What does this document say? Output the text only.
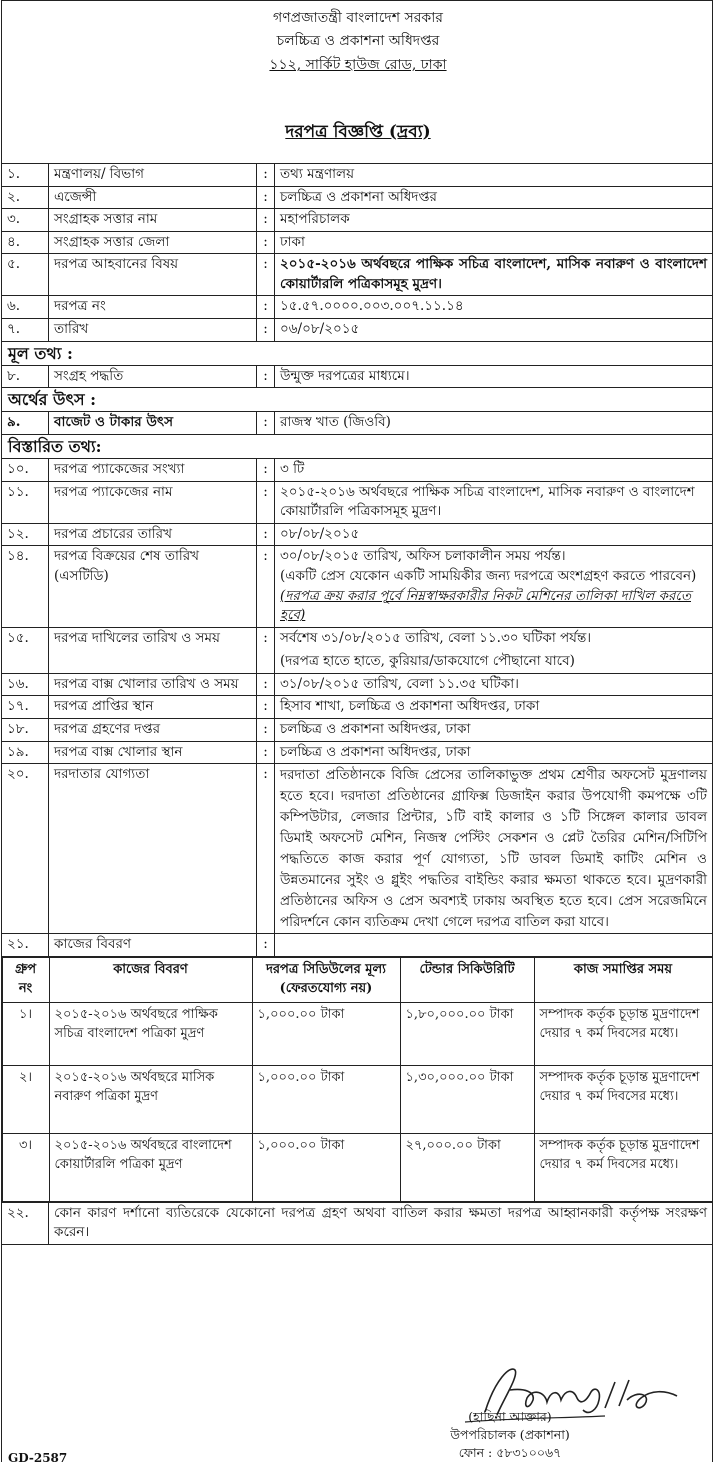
গণপ্রজাতন্ত্রী বাংলাদেশ সরকার
চলচ্চিত্র ও প্রকাশনা অধিদপ্তর
১১২, সার্কিট হাউজ রোড, ঢাকা
দরপত্র বিজ্ঞপ্তি (দ্রব্য)
১.	মন্ত্রণালয়/ বিভাগ	:	তথ্য মন্ত্রণালয়
২.	এজেন্সী	:	চলচ্চিত্র ও প্রকাশনা অধিদপ্তর
৩.	সংগ্রাহক সত্তার নাম	:	মহাপরিচালক
৪.	সংগ্রাহক সত্তার জেলা	:	ঢাকা
৫.	দরপত্র আহবানের বিষয়	:	২০১৫-২০১৬ অর্থবছরে পাক্ষিক সচিত্র বাংলাদেশ, মাসিক নবারুণ ও বাংলাদেশ কোয়ার্টারলি পত্রিকাসমূহ মুদ্রণ।
৬.	দরপত্র নং	:	১৫.৫৭.০০০০.০০৩.০০৭.১১.১৪
৭.	তারিখ	:	০৬/০৮/২০১৫
মূল তথ্য :
৮.	সংগ্রহ পদ্ধতি	:	উন্মুক্ত দরপত্রের মাধ্যমে।
অর্থের উৎস :
৯.	বাজেট ও টাকার উৎস	:	রাজস্ব খাত (জিওবি)
বিস্তারিত তথ্য:
১০.	দরপত্র প্যাকেজের সংখ্যা	:	৩ টি
১১.	দরপত্র প্যাকেজের নাম	:	২০১৫-২০১৬ অর্থবছরে পাক্ষিক সচিত্র বাংলাদেশ, মাসিক নবারুণ ও বাংলাদেশ কোয়ার্টারলি পত্রিকাসমূহ মুদ্রণ।
১২.	দরপত্র প্রচারের তারিখ	:	০৮/০৮/২০১৫
১৪.	দরপত্র বিক্রয়ের শেষ তারিখ (এসটিডি)	:	৩০/০৮/২০১৫ তারিখ, অফিস চলাকালীন সময় পর্যন্ত।
(একটি প্রেস যেকোন একটি সাময়িকীর জন্য দরপত্রে অংশগ্রহণ করতে পারবেন)
(দরপত্র ক্রয় করার পূর্বে নিম্নস্বাক্ষরকারীর নিকট মেশিনের তালিকা দাখিল করতে হবে)

১৫.	দরপত্র দাখিলের তারিখ ও সময়	:	সর্বশেষ ৩১/০৮/২০১৫ তারিখ, বেলা ১১.৩০ ঘটিকা পর্যন্ত।
(দরপত্র হাতে হাতে, কুরিয়ার/ডাকযোগে পৌছানো যাবে)

১৬.	দরপত্র বাক্স খোলার তারিখ ও সময়	:	৩১/০৮/২০১৫ তারিখ, বেলা ১১.৩৫ ঘটিকা।
১৭.	দরপত্র প্রাপ্তির স্থান	:	হিসাব শাখা, চলচ্চিত্র ও প্রকাশনা অধিদপ্তর, ঢাকা
১৮.	দরপত্র গ্রহণের দপ্তর	:	চলচ্চিত্র ও প্রকাশনা অধিদপ্তর, ঢাকা
১৯.	দরপত্র বাক্স খোলার স্থান	:	চলচ্চিত্র ও প্রকাশনা অধিদপ্তর, ঢাকা
২০.	দরদাতার যোগ্যতা	:	দরদাতা প্রতিষ্ঠানকে বিজি প্রেসের তালিকাভুক্ত প্রথম শ্রেণীর অফসেট মুদ্রণালয় হতে হবে। দরদাতা প্রতিষ্ঠানের গ্রাফিক্স ডিজাইন করার উপযোগী কমপক্ষে ৩টি কম্পিউটার, লেজার প্রিন্টার, ১টি বাই কালার ও ১টি সিঙ্গেল কালার ডাবল ডিমাই অফসেট মেশিন, নিজস্ব পেস্টিং সেকশন ও প্লেট তৈরির মেশিন/সিটিপি পদ্ধতিতে কাজ করার পূর্ণ যোগ্যতা, ১টি ডাবল ডিমাই কাটিং মেশিন ও উন্নতমানের সুইং ও গ্লুইং পদ্ধতির বাইন্ডিং করার ক্ষমতা থাকতে হবে। মুদ্রণকারী প্রতিষ্ঠানের অফিস ও প্রেস অবশ্যই ঢাকায় অবস্থিত হতে হবে। প্রেস সরেজমিনে পরিদর্শনে কোন ব্যতিক্রম দেখা গেলে দরপত্র বাতিল করা যাবে।
২১.	কাজের বিবরণ	:	

গ্রুপ নং	কাজের বিবরণ	দরপত্র সিডিউলের মূল্য (ফেরতযোগ্য নয়)	টেন্ডার সিকিউরিটি	কাজ সমাপ্তির সময়
১।	২০১৫-২০১৬ অর্থবছরে পাক্ষিক সচিত্র বাংলাদেশ পত্রিকা মুদ্রণ	১,০০০.০০ টাকা	১,৮০,০০০.০০ টাকা	সম্পাদক কর্তৃক চূড়ান্ত মুদ্রণাদেশ দেয়ার ৭ কর্ম দিবসের মধ্যে।
২।	২০১৫-২০১৬ অর্থবছরে মাসিক নবারুণ পত্রিকা মুদ্রণ	১,০০০.০০ টাকা	১,৩০,০০০.০০ টাকা	সম্পাদক কর্তৃক চূড়ান্ত মুদ্রণাদেশ দেয়ার ৭ কর্ম দিবসের মধ্যে।
৩।	২০১৫-২০১৬ অর্থবছরে বাংলাদেশ কোয়ার্টারলি পত্রিকা মুদ্রণ	১,০০০.০০ টাকা	২৭,০০০.০০ টাকা	সম্পাদক কর্তৃক চূড়ান্ত মুদ্রণাদেশ দেয়ার ৭ কর্ম দিবসের মধ্যে।

২২.	কোন কারণ দর্শানো ব্যতিরেকে যেকোনো দরপত্র গ্রহণ অথবা বাতিল করার ক্ষমতা দরপত্র আহ্বানকারী কর্তৃপক্ষ সংরক্ষণ করেন।
(হাছিনা আক্তার)
উপপরিচালক (প্রকাশনা)
ফোন : ৫৮৩১০০৬৭
GD-2587
